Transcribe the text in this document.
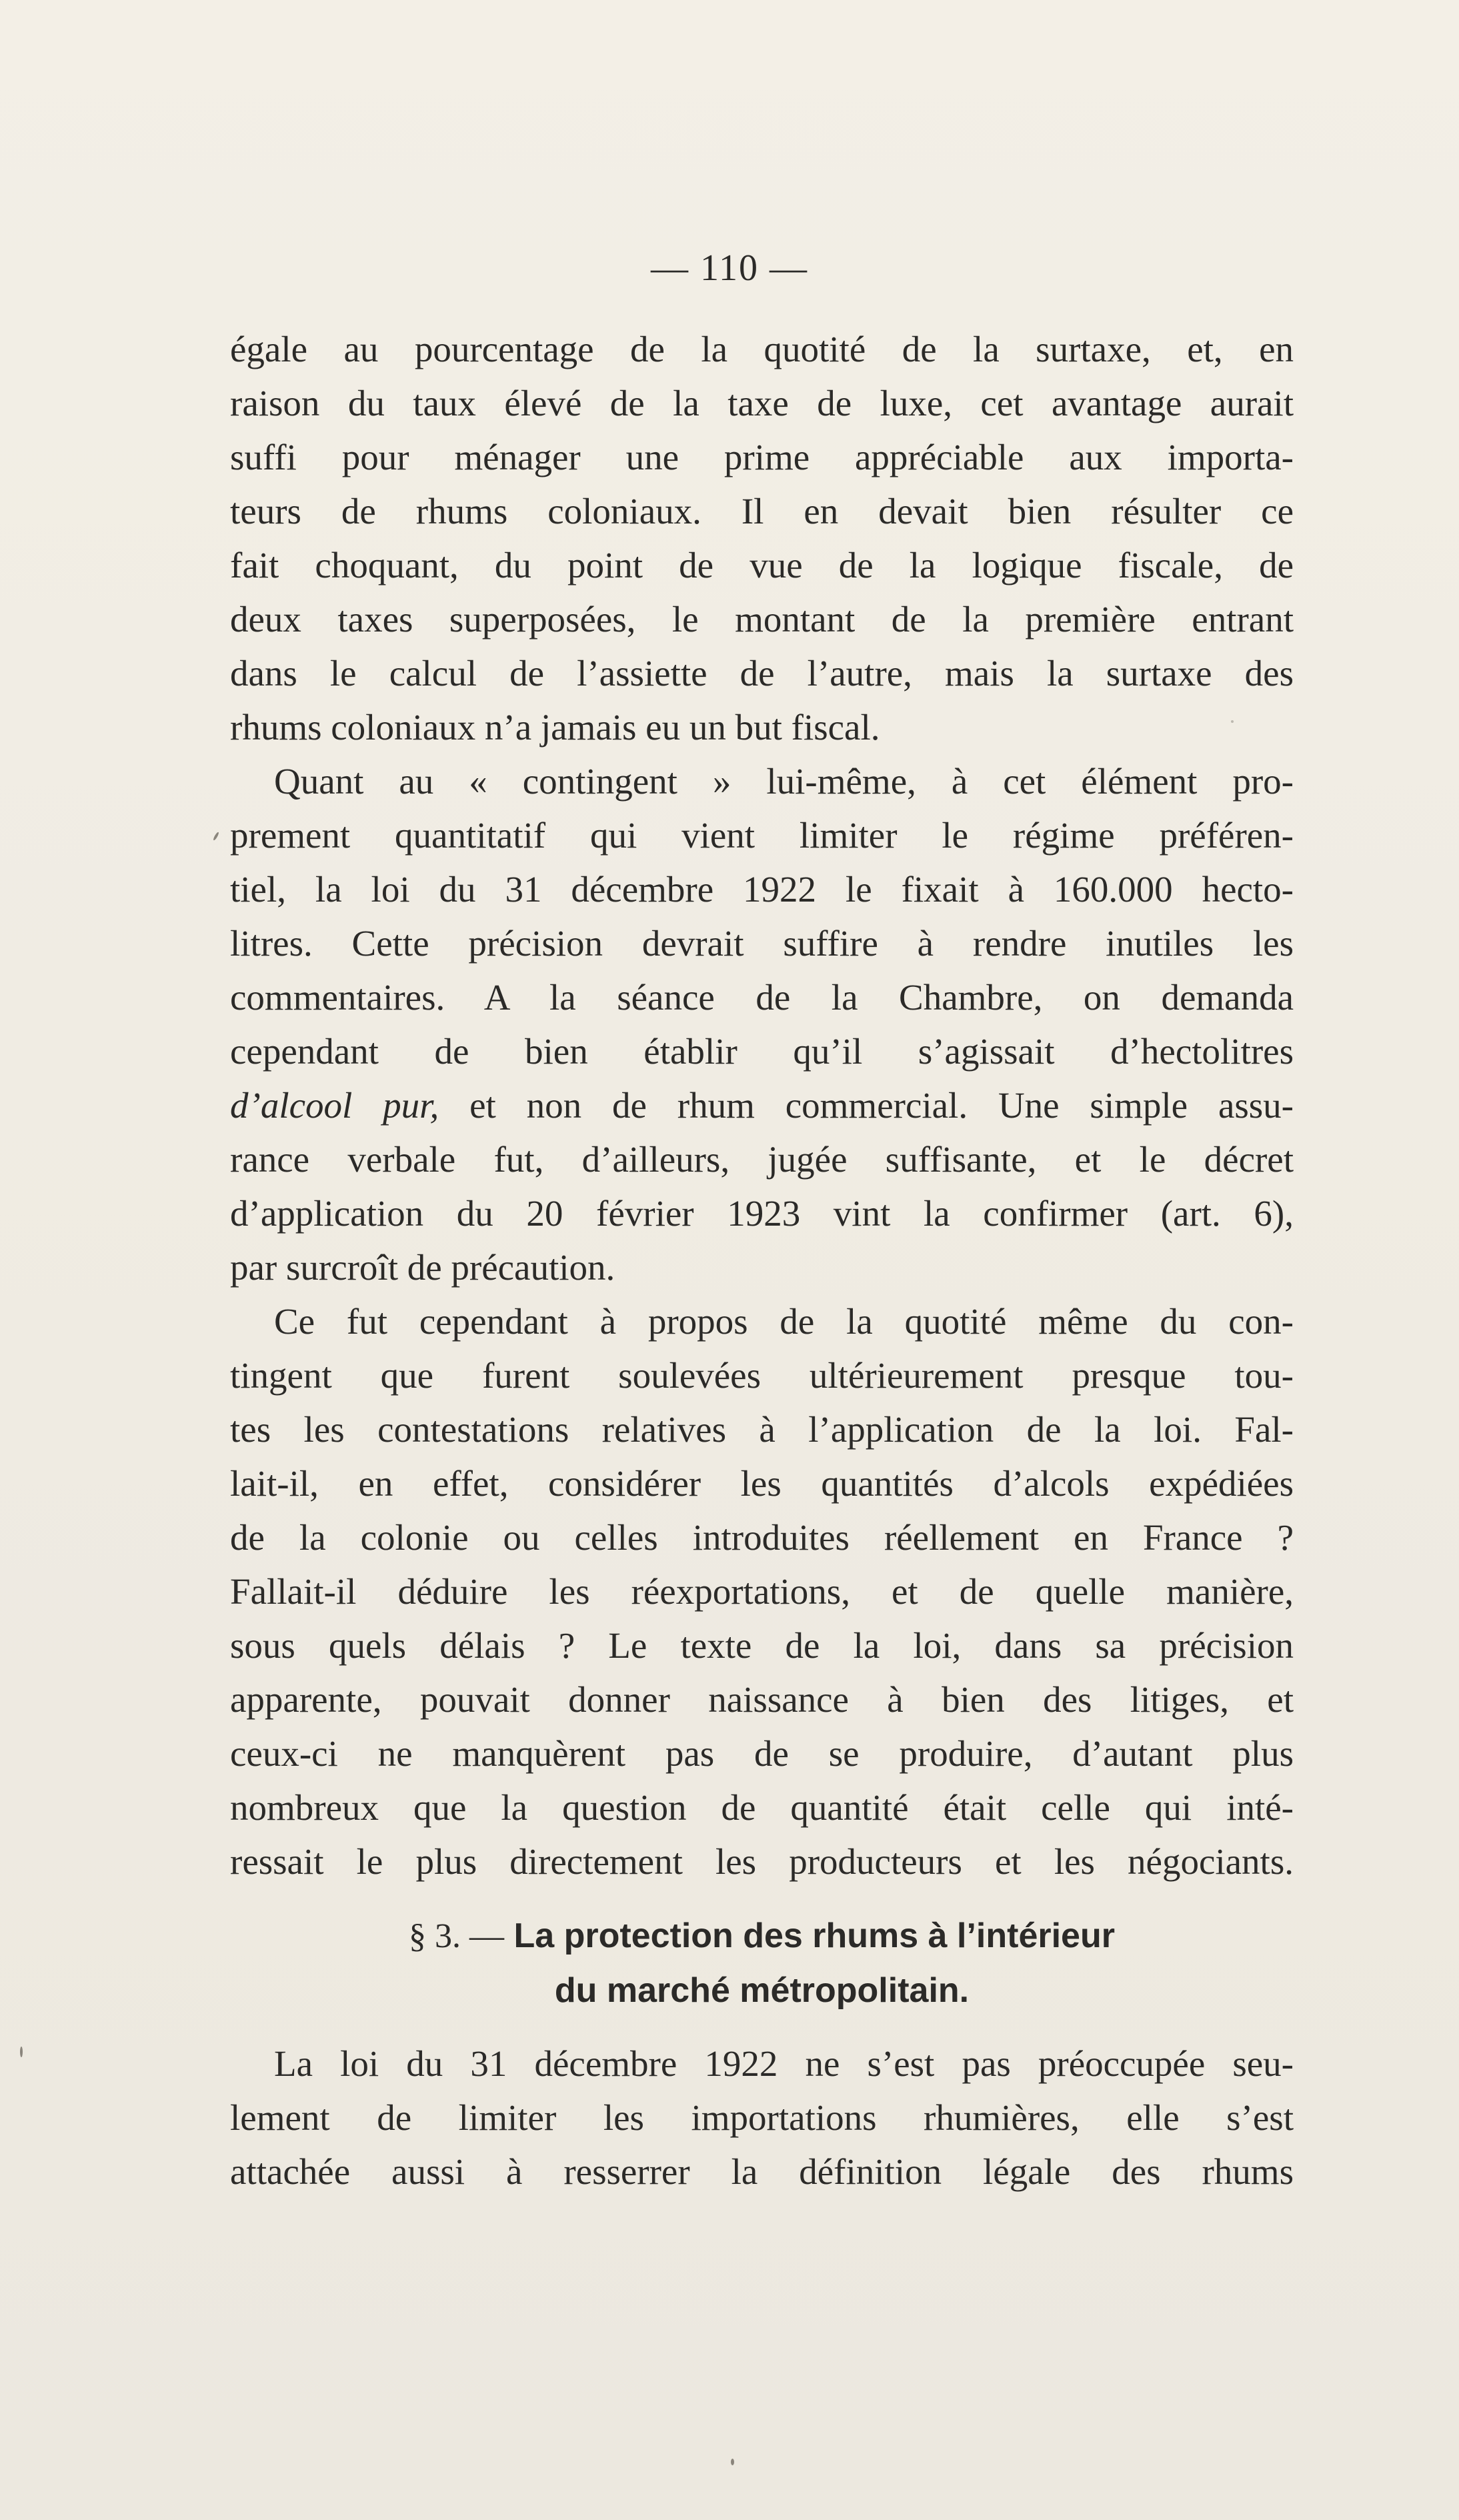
— 110 —
égale au pourcentage de la quotité de la surtaxe, et, en
raison du taux élevé de la taxe de luxe, cet avantage aurait
suffi pour ménager une prime appréciable aux importa-
teurs de rhums coloniaux. Il en devait bien résulter ce
fait choquant, du point de vue de la logique fiscale, de
deux taxes superposées, le montant de la première entrant
dans le calcul de l’assiette de l’autre, mais la surtaxe des
rhums coloniaux n’a jamais eu un but fiscal.
Quant au « contingent » lui-même, à cet élément pro-
prement quantitatif qui vient limiter le régime préféren-
tiel, la loi du 31 décembre 1922 le fixait à 160.000 hecto-
litres. Cette précision devrait suffire à rendre inutiles les
commentaires. A la séance de la Chambre, on demanda
cependant de bien établir qu’il s’agissait d’hectolitres
d’alcool pur, et non de rhum commercial. Une simple assu-
rance verbale fut, d’ailleurs, jugée suffisante, et le décret
d’application du 20 février 1923 vint la confirmer (art. 6),
par surcroît de précaution.
Ce fut cependant à propos de la quotité même du con-
tingent que furent soulevées ultérieurement presque tou-
tes les contestations relatives à l’application de la loi. Fal-
lait-il, en effet, considérer les quantités d’alcols expédiées
de la colonie ou celles introduites réellement en France ?
Fallait-il déduire les réexportations, et de quelle manière,
sous quels délais ? Le texte de la loi, dans sa précision
apparente, pouvait donner naissance à bien des litiges, et
ceux-ci ne manquèrent pas de se produire, d’autant plus
nombreux que la question de quantité était celle qui inté-
ressait le plus directement les producteurs et les négociants.
§ 3. — La protection des rhums à l’intérieur
du marché métropolitain.
La loi du 31 décembre 1922 ne s’est pas préoccupée seu-
lement de limiter les importations rhumières, elle s’est
attachée aussi à resserrer la définition légale des rhums
